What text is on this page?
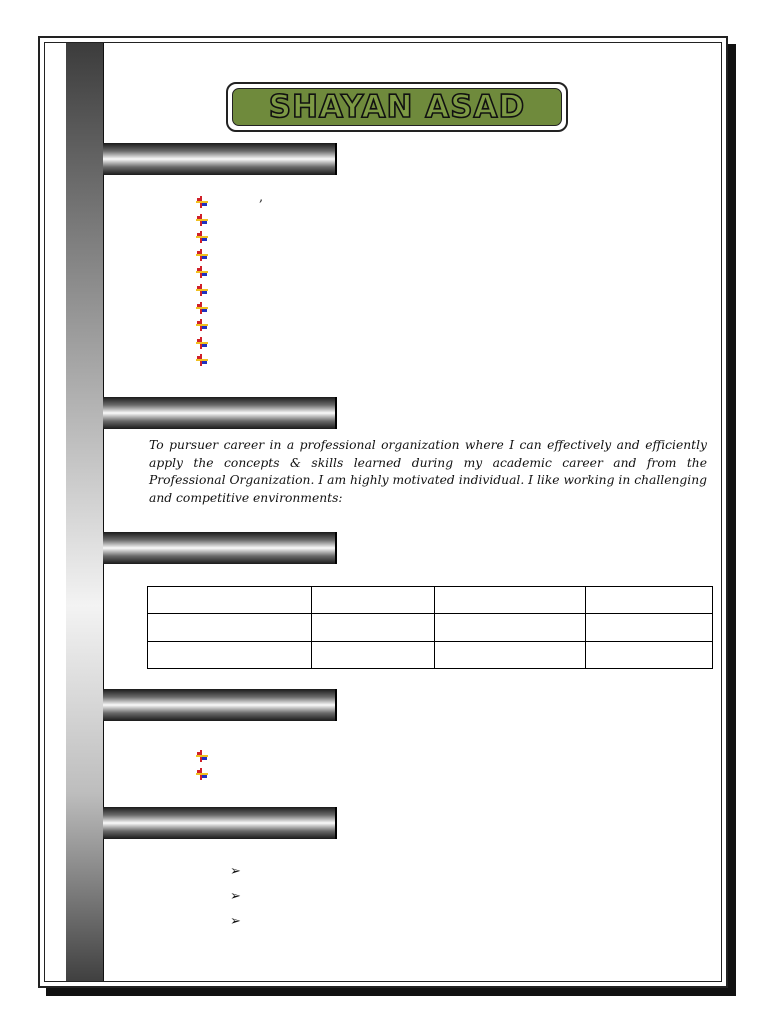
SHAYAN ASAD
,

To pursuer career in a professional organization where I can effectively and efficiently apply the concepts & skills learned during my academic career and from the Professional Organization. I am highly motivated individual. I like working in challenging and competitive environments:

➢
➢
➢
